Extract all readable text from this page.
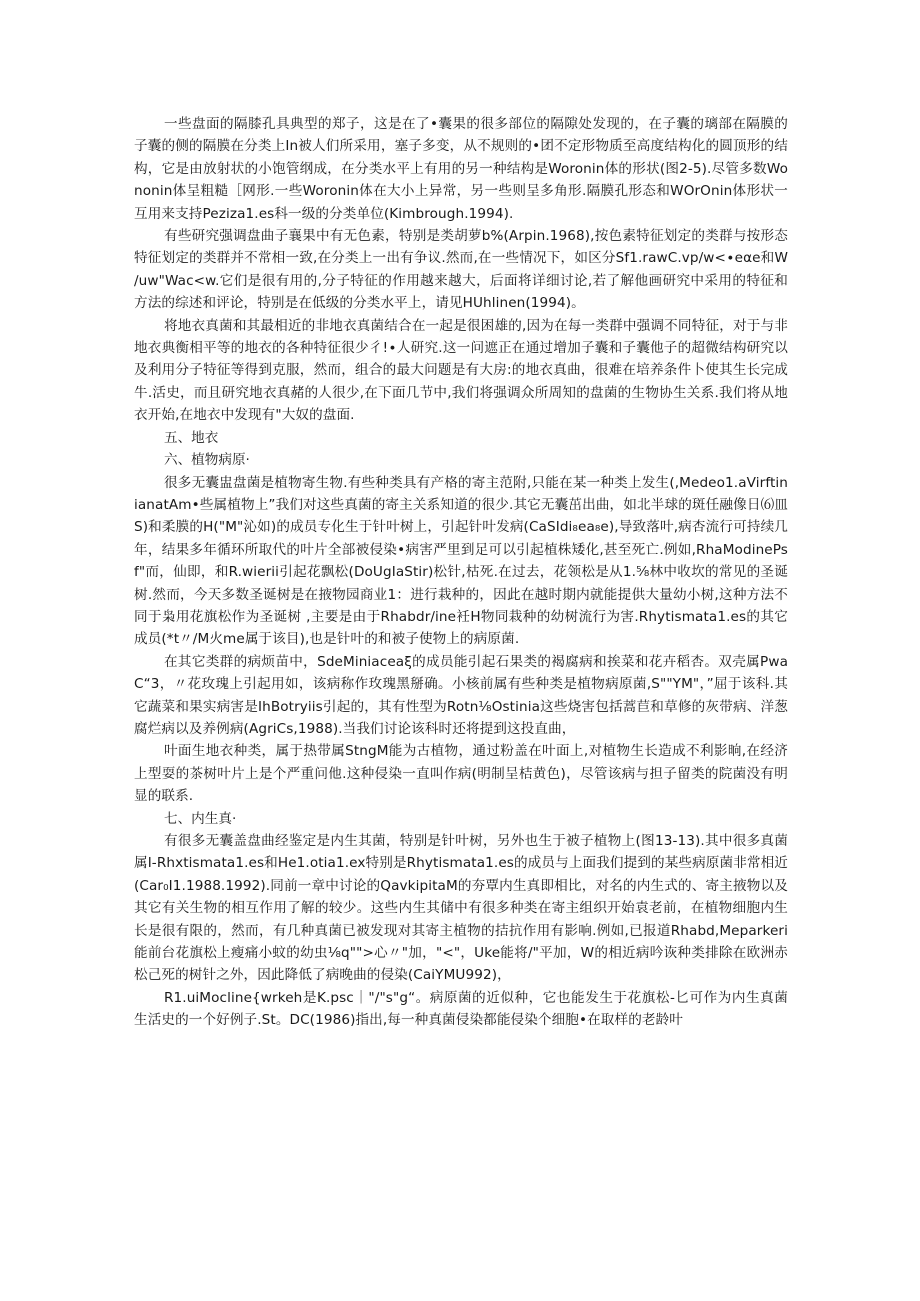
一些盘面的隔膝孔具典型的郑子，这是在了•囊果的很多部位的隔隙处发现的，在子囊的璃部在隔膜的子囊的侧的隔膜在分类上In被人们所采用，塞子多变，从不规则的•团不定形物质至高度结构化的圆顶形的结构，它是由放射状的小饱管纲成，在分类水平上有用的另一种结构是Woronin体的形状(图2-5).尽管多数Wononin体呈粗糙［网形.一些Woronin体在大小上异常，另一些则呈多角形.隔膜孔形态和WOrOnin体形状一互用来支持Peziza1.es科一级的分类单位(Kimbrough.1994).

有些研究强调盘曲子襄果中有无色素，特别是类胡萝b%(Arpin.1968),按色素特征划定的类群与按形态特征划定的类群并不常相一致,在分类上一出有争议.然而,在一些情况下，如区分Sf1.rawC.vp∕w<∙eαe和W∕uw"Wac<w.它们是很有用的,分子特征的作用越来越大，后面将详细讨论,若了解他画研究中采用的特征和方法的综述和评论，特别是在低级的分类水平上，请见HUhlinen(1994)。

将地衣真菌和其最相近的非地衣真菌结合在一起是很困雄的,因为在每一类群中强调不同特征，对于与非地衣典衡相平等的地衣的各种特征很少彳!∙人研究.这一问遮正在通过增加子囊和子囊他子的超微结构研究以及利用分子特征等得到克服，然而，组合的最大问题是有大房:的地衣真曲，很难在培养条件卜使其生长完成牛.活史，而且研究地衣真赭的人很少,在下面几节中,我们将强调众所周知的盘菌的生物协生关系.我们将从地衣开始,在地衣中发现有"大奴的盘面.

五、地衣

六、植物病原·

很多无囊盅盘菌是植物寄生物.有些种类具有产格的寄主范附,只能在某一种类上发生(,Medeo1.aVirftinianatAm•些属植物上”我们对这些真菌的寄主关系知道的很少.其它无囊茁出曲，如北半球的斑任融像日⑹皿S)和柔膜的H("M"沁如)的成员专化生于针叶树上，引起针叶发病(CaSIdi₈ea₈e),导致落叶,病杏流行可持续几年，结果多年循环所取代的叶片全部被侵染•病害严里到足可以引起植株矮化,甚至死亡.例如,RhaModinePsf"而，仙即，和R.wierii引起花飘松(DoUgIaStir)松针,枯死.在过去，花领松是从1.⅝林中收坎的常见的圣诞树.然而，今天多数圣诞树是在掖物园商业1：进行栽种的，因此在越时期内就能提供大量幼小树,这种方法不同于枭用花旗松作为圣诞树 ,主要是由于Rhabdr∕ine衽H物同栽种的幼树流行为害.Rhytismata1.es的其它成员(*t〃∕M火me属于该目),也是针叶的和被子使物上的病原菌.

在其它类群的病烦苗中，SdeMiniaceaξ的成员能引起石果类的褐腐病和挨菜和花卉稻杏。双壳属PwaC“3，〃花玫瑰上引起用如，该病称作玫瑰黑掰确。小核前属有些种类是植物病原菌,S""YM"，”屈于该科.其它蔬菜和果实病害是IhBotryiis引起的，其有性型为Rotn⅛Ostinia这些烧害包括蒿苣和草修的灰带病、洋葱腐烂病以及养例病(AgriCs,1988).当我们讨论该科时还将提到这投直曲，

叶面生地衣种类，属于热带属StngM能为古植物，通过粉盖在叶面上,对植物生长造成不利影晌,在经济上型耍的茶树叶片上是个严重问他.这种侵染一直叫作病(明制呈桔黄色)，尽管该病与担子留类的院菌没有明显的联系.

七、内生真·

有很多无囊盖盘曲经鉴定是内生其菌，特别是针叶树，另外也生于被子植物上(图13-13).其中很多真菌属I-Rhxtismata1.es和He1.otia1.ex特别是Rhytismata1.es的成员与上面我们提到的某些病原菌非常相近(Car₀I1.1988.1992).同前一章中讨论的QavkipitaM的夯覃内生真即相比，对名的内生式的、寄主掖物以及其它有关生物的相互作用了解的较少。这些内生其储中有很多种类在寄主组织开始袁老前，在植物细胞内生长是很有限的，然而，有几种真菌已被发现对其寄主植物的拮抗作用有影响.例如,已报道Rhabd,Meparkeri能前台花旗松上瘦痛小蚊的幼虫⅛q"">心〃"加，"<"，Uke能将/"平加，W的相近病吟诙种类排除在欧洲赤松己死的树针之外，因此降低了病晚曲的侵染(CaiYMU992)，

R1.uiMocline{wrkeh是K.psc｜"∕"s"g“。病原菌的近似种，它也能发生于花旗松-匕可作为内生真菌生活史的一个好例子.St。DC(1986)指出,每一种真菌侵染都能侵染个细胞•在取样的老龄叶
